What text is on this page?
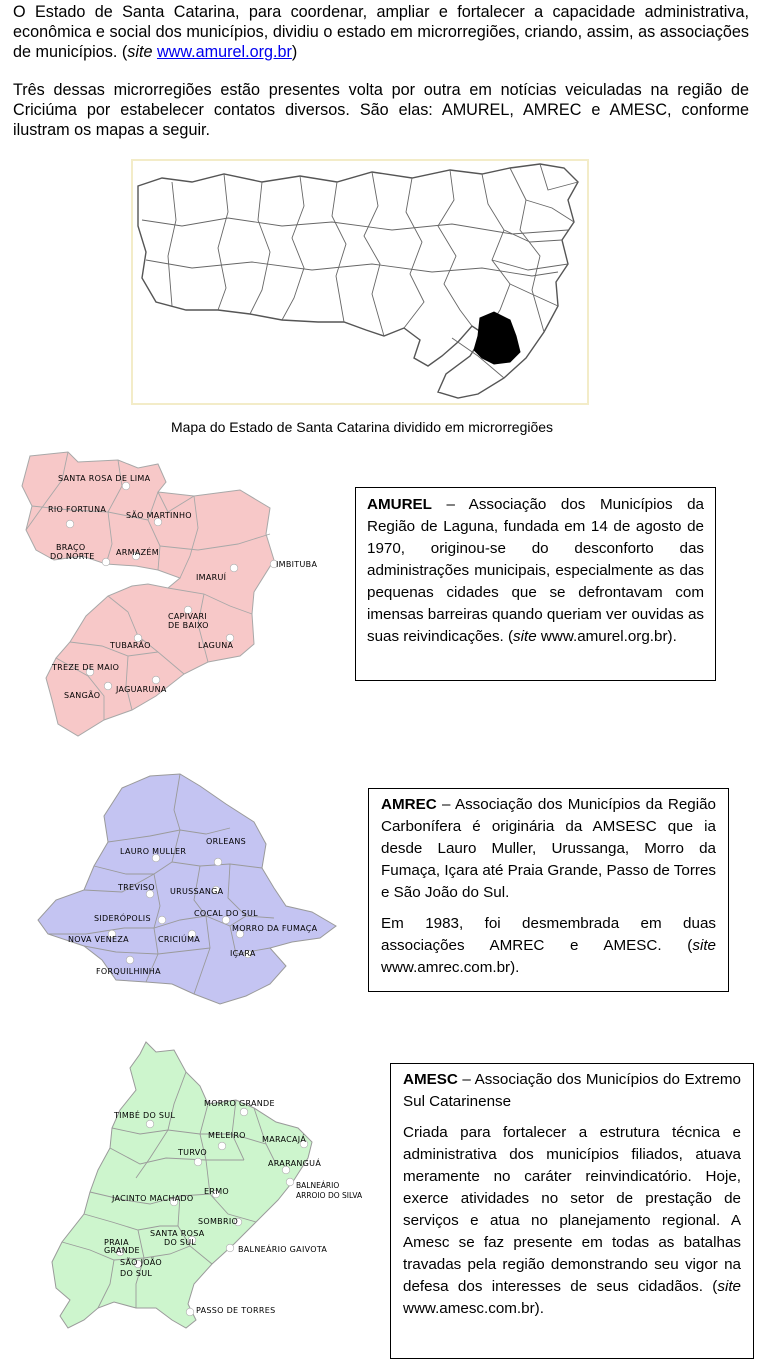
O Estado de Santa Catarina, para coordenar, ampliar e fortalecer a capacidade administrativa, econômica e social dos municípios, dividiu o estado em microrregiões, criando, assim, as associações de municípios. (site www.amurel.org.br)

Três dessas microrregiões estão presentes volta por outra em notícias veiculadas na região de Criciúma por estabelecer contatos diversos. São elas: AMUREL, AMREC e AMESC, conforme ilustram os mapas a seguir.

Mapa do Estado de Santa Catarina dividido em microrregiões
SANTA ROSA DE LIMA
RIO FORTUNA
SÃO MARTINHO
BRAÇO
DO NORTE	ARMAZÉM
IMARUÍ
IMBITUBA
CAPIVARI
DE BAIXO
TUBARÃO	LAGUNA
TREZE DE MAIO
SANGÃO
JAGUARUNA

AMUREL – Associação dos Municípios da Região de Laguna, fundada em 14 de agosto de 1970, originou-se do desconforto das administrações municipais, especialmente as das pequenas cidades que se defrontavam com imensas barreiras quando queriam ver ouvidas as suas reivindicações. (site www.amurel.org.br).

ORLEANS
LAURO MULLER
TREVISO URUSSANGA
SIDERÓPOLIS
COCAL DO SUL
MORRO DA FUMAÇA
NOVA VENEZA	CRICIÚMA
IÇARA
FORQUILHINHA

AMREC – Associação dos Municípios da Região Carbonífera é originária da AMSESC que ia desde Lauro Muller, Urussanga, Morro da Fumaça, Içara até Praia Grande, Passo de Torres e São João do Sul.

Em 1983, foi desmembrada em duas associações AMREC e AMESC. (site www.amrec.com.br).

MORRO GRANDE
TIMBÉ DO SUL
MELEIRO MARACAJÁ
TURVO
ARARANGUÁ
BALNEÁRIO
ARROIO DO SILVA
JACINTO MACHADO
ERMO
SOMBRIO
SANTA ROSA
DO SUL
PRAIA
GRANDE
SÃO JOÃO
DO SUL
BALNEÁRIO GAIVOTA
PASSO DE TORRES

AMESC – Associação dos Municípios do Extremo Sul Catarinense

Criada para fortalecer a estrutura técnica e administrativa dos municípios filiados, atuava meramente no caráter reinvindicatório. Hoje, exerce atividades no setor de prestação de serviços e atua no planejamento regional. A Amesc se faz presente em todas as batalhas travadas pela região demonstrando seu vigor na defesa dos interesses de seus cidadãos. (site www.amesc.com.br).
